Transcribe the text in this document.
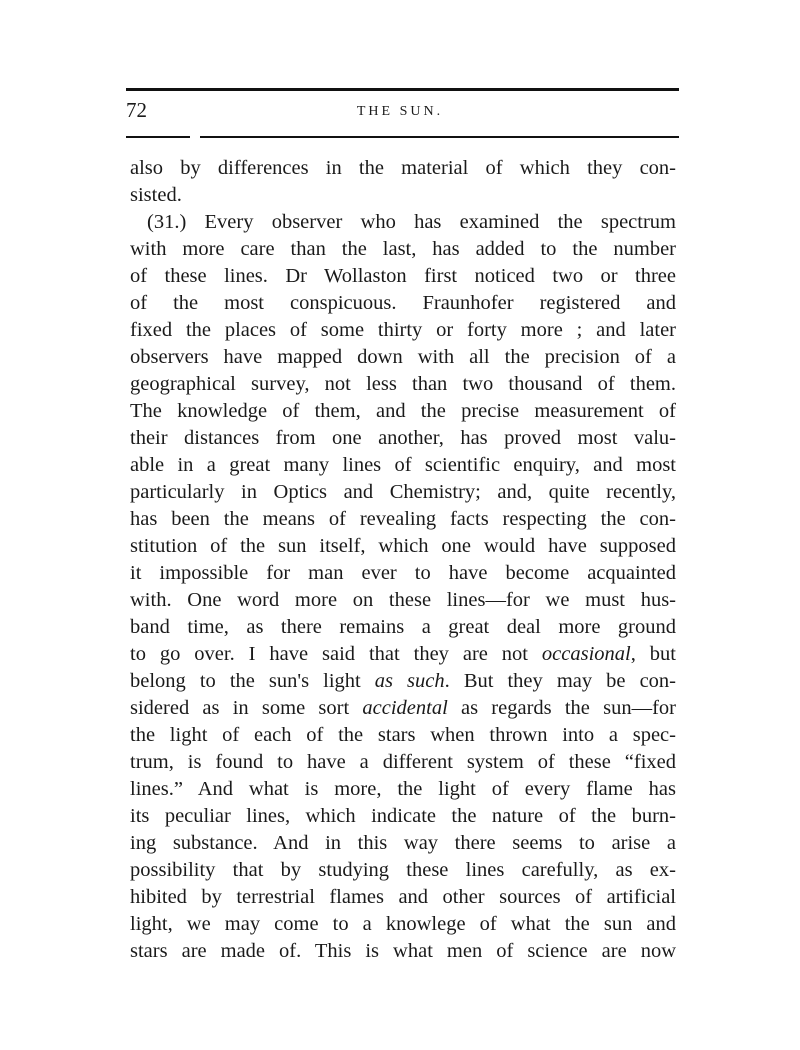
72	THE SUN.
also by differences in the material of which they con-
sisted.
(31.) Every observer who has examined the spectrum
with more care than the last, has added to the number
of these lines. Dr Wollaston first noticed two or three
of the most conspicuous. Fraunhofer registered and
fixed the places of some thirty or forty more ; and later
observers have mapped down with all the precision of a
geographical survey, not less than two thousand of them.
The knowledge of them, and the precise measurement of
their distances from one another, has proved most valu-
able in a great many lines of scientific enquiry, and most
particularly in Optics and Chemistry; and, quite recently,
has been the means of revealing facts respecting the con-
stitution of the sun itself, which one would have supposed
it impossible for man ever to have become acquainted
with. One word more on these lines—for we must hus-
band time, as there remains a great deal more ground
to go over. I have said that they are not occasional, but
belong to the sun's light as such. But they may be con-
sidered as in some sort accidental as regards the sun—for
the light of each of the stars when thrown into a spec-
trum, is found to have a different system of these “fixed
lines.” And what is more, the light of every flame has
its peculiar lines, which indicate the nature of the burn-
ing substance. And in this way there seems to arise a
possibility that by studying these lines carefully, as ex-
hibited by terrestrial flames and other sources of artificial
light, we may come to a knowlege of what the sun and
stars are made of. This is what men of science are now
